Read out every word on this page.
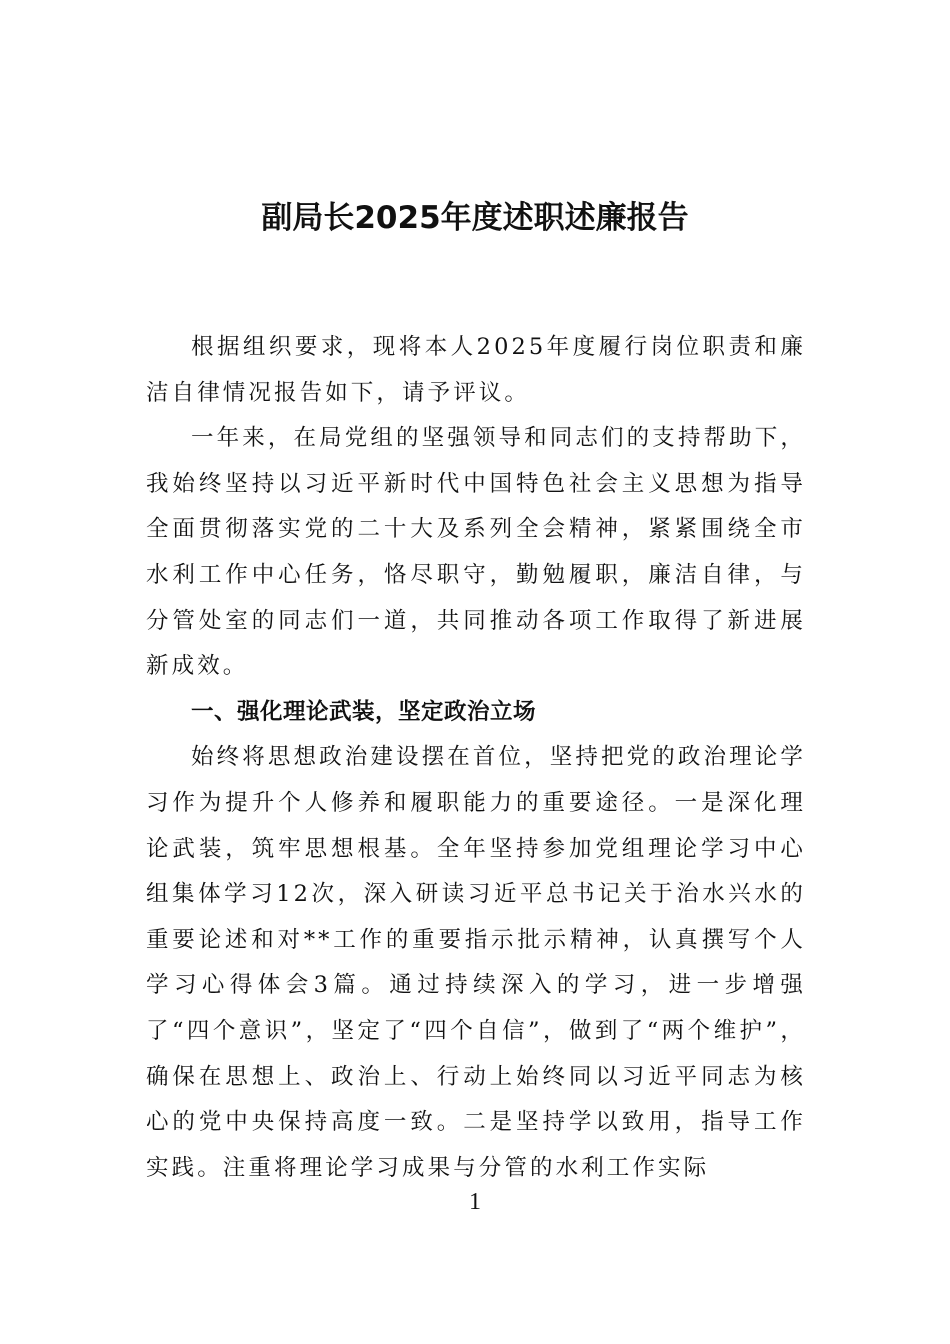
副局长2025年度述职述廉报告

根据组织要求，现将本人2025年度履行岗位职责和廉洁自律情况报告如下，请予评议。

一年来，在局党组的坚强领导和同志们的支持帮助下，我始终坚持以习近平新时代中国特色社会主义思想为指导全面贯彻落实党的二十大及系列全会精神，紧紧围绕全市水利工作中心任务，恪尽职守，勤勉履职，廉洁自律，与分管处室的同志们一道，共同推动各项工作取得了新进展新成效。

一、强化理论武装，坚定政治立场

始终将思想政治建设摆在首位，坚持把党的政治理论学习作为提升个人修养和履职能力的重要途径。一是深化理论武装，筑牢思想根基。全年坚持参加党组理论学习中心组集体学习12次，深入研读习近平总书记关于治水兴水的重要论述和对**工作的重要指示批示精神，认真撰写个人学习心得体会3篇。通过持续深入的学习，进一步增强了“四个意识”，坚定了“四个自信”，做到了“两个维护”，确保在思想上、政治上、行动上始终同以习近平同志为核心的党中央保持高度一致。二是坚持学以致用，指导工作实践。注重将理论学习成果与分管的水利工作实际

1
